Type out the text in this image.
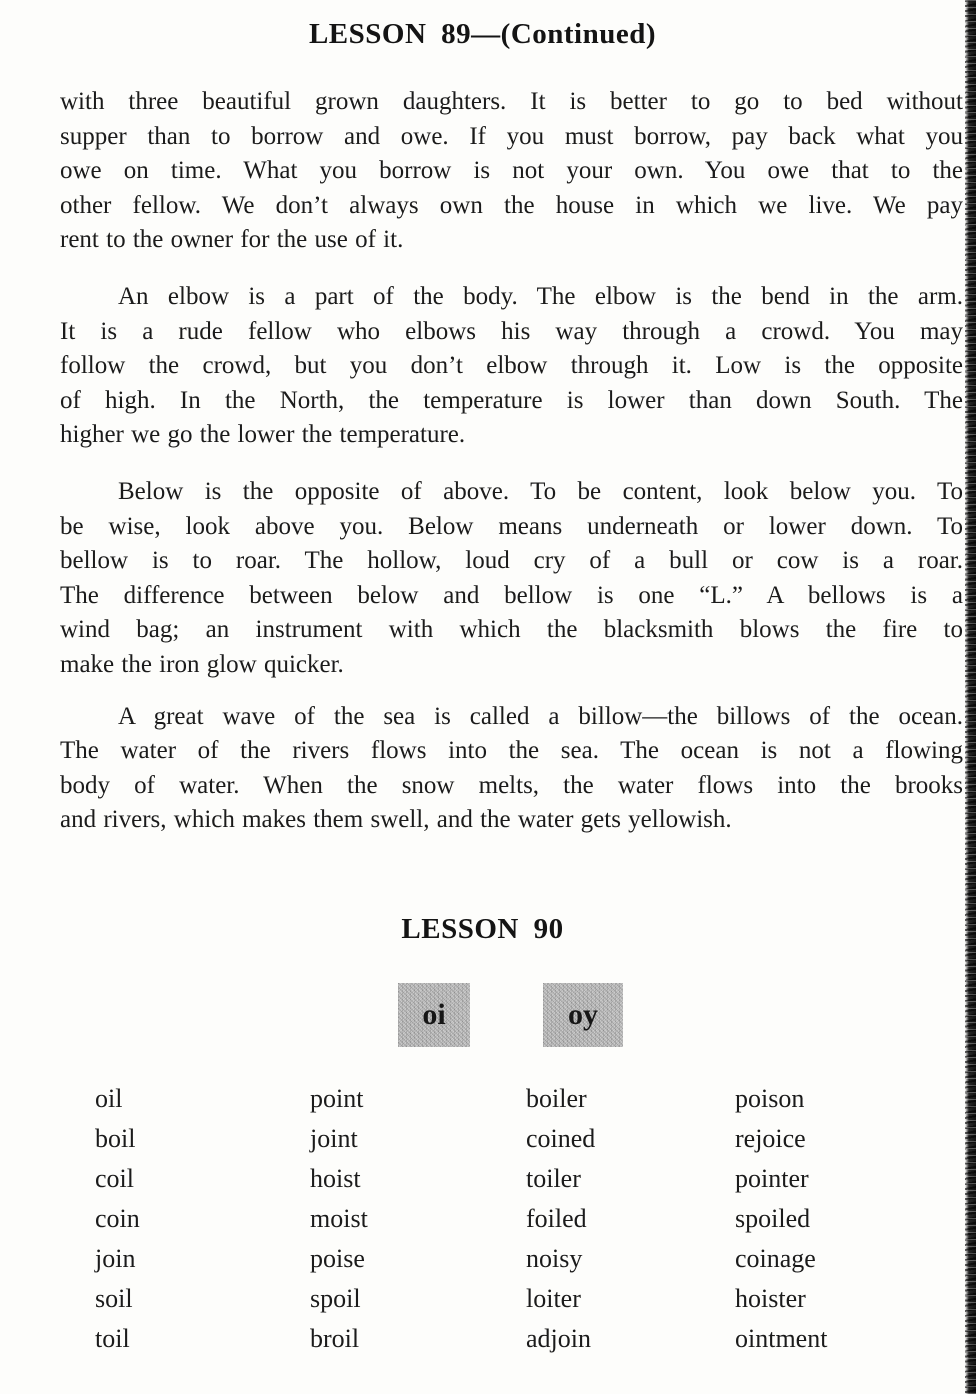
LESSON 89—(Continued)
with three beautiful grown daughters. It is better to go to bed without
supper than to borrow and owe. If you must borrow, pay back what you
owe on time. What you borrow is not your own. You owe that to the
other fellow. We don’t always own the house in which we live. We pay
rent to the owner for the use of it.
An elbow is a part of the body. The elbow is the bend in the arm.
It is a rude fellow who elbows his way through a crowd. You may
follow the crowd, but you don’t elbow through it. Low is the opposite
of high. In the North, the temperature is lower than down South. The
higher we go the lower the temperature.
Below is the opposite of above. To be content, look below you. To
be wise, look above you. Below means underneath or lower down. To
bellow is to roar. The hollow, loud cry of a bull or cow is a roar.
The difference between below and bellow is one “L.” A bellows is a
wind bag; an instrument with which the blacksmith blows the fire to
make the iron glow quicker.
A great wave of the sea is called a billow—the billows of the ocean.
The water of the rivers flows into the sea. The ocean is not a flowing
body of water. When the snow melts, the water flows into the brooks
and rivers, which makes them swell, and the water gets yellowish.
LESSON 90
oi	oy
oil	point	boiler	poison
boil	joint	coined	rejoice
coil	hoist	toiler	pointer
coin	moist	foiled	spoiled
join	poise	noisy	coinage
soil	spoil	loiter	hoister
toil	broil	adjoin	ointment
